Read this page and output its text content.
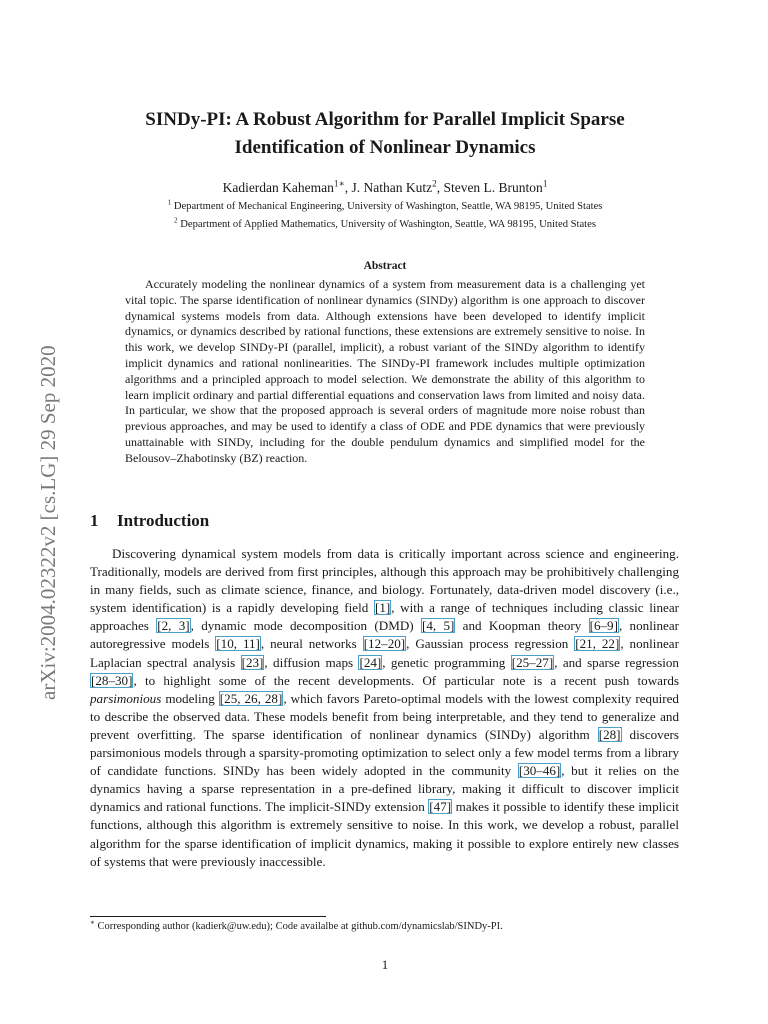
arXiv:2004.02322v2 [cs.LG] 29 Sep 2020
SINDy-PI: A Robust Algorithm for Parallel Implicit Sparse
Identification of Nonlinear Dynamics
Kadierdan Kaheman$^{1∗}$, J. Nathan Kutz$^2$, Steven L. Brunton$^1$
$^1$ Department of Mechanical Engineering, University of Washington, Seattle, WA 98195, United States
$^2$ Department of Applied Mathematics, University of Washington, Seattle, WA 98195, United States
Abstract

Accurately modeling the nonlinear dynamics of a system from measurement data is a challenging yet vital topic. The sparse identification of nonlinear dynamics (SINDy) algorithm is one approach to discover dynamical systems models from data. Although extensions have been developed to identify implicit dynamics, or dynamics described by rational functions, these extensions are extremely sensitive to noise. In this work, we develop SINDy-PI (parallel, implicit), a robust variant of the SINDy algorithm to identify implicit dynamics and rational nonlinearities. The SINDy-PI framework includes multiple optimization algorithms and a principled approach to model selection. We demonstrate the ability of this algorithm to learn implicit ordinary and partial differential equations and conservation laws from limited and noisy data. In particular, we show that the proposed approach is several orders of magnitude more noise robust than previous approaches, and may be used to identify a class of ODE and PDE dynamics that were previously unattainable with SINDy, including for the double pendulum dynamics and simplified model for the Belousov–Zhabotinsky (BZ) reaction.

1 Introduction

Discovering dynamical system models from data is critically important across science and engineering. Traditionally, models are derived from first principles, although this approach may be prohibitively challenging in many fields, such as climate science, finance, and biology. Fortunately, data-driven model discovery (i.e., system identification) is a rapidly developing field [1], with a range of techniques including classic linear approaches [2, 3], dynamic mode decomposition (DMD) [4, 5] and Koopman theory [6–9], nonlinear autoregressive models [10, 11], neural networks [12–20], Gaussian process regression [21, 22], nonlinear Laplacian spectral analysis [23], diffusion maps [24], genetic programming [25–27], and sparse regression [28–30], to highlight some of the recent developments. Of particular note is a recent push towards parsimonious modeling [25, 26, 28], which favors Pareto-optimal models with the lowest complexity required to describe the observed data. These models benefit from being interpretable, and they tend to generalize and prevent overfitting. The sparse identification of nonlinear dynamics (SINDy) algorithm [28] discovers parsimonious models through a sparsity-promoting optimization to select only a few model terms from a library of candidate functions. SINDy has been widely adopted in the community [30–46], but it relies on the dynamics having a sparse representation in a pre-defined library, making it difficult to discover implicit dynamics and rational functions. The implicit-SINDy extension [47] makes it possible to identify these implicit functions, although this algorithm is extremely sensitive to noise. In this work, we develop a robust, parallel algorithm for the sparse identification of implicit dynamics, making it possible to explore entirely new classes of systems that were previously inaccessible.

∗ Corresponding author (kadierk@uw.edu); Code availalbe at github.com/dynamicslab/SINDy-PI.
1
